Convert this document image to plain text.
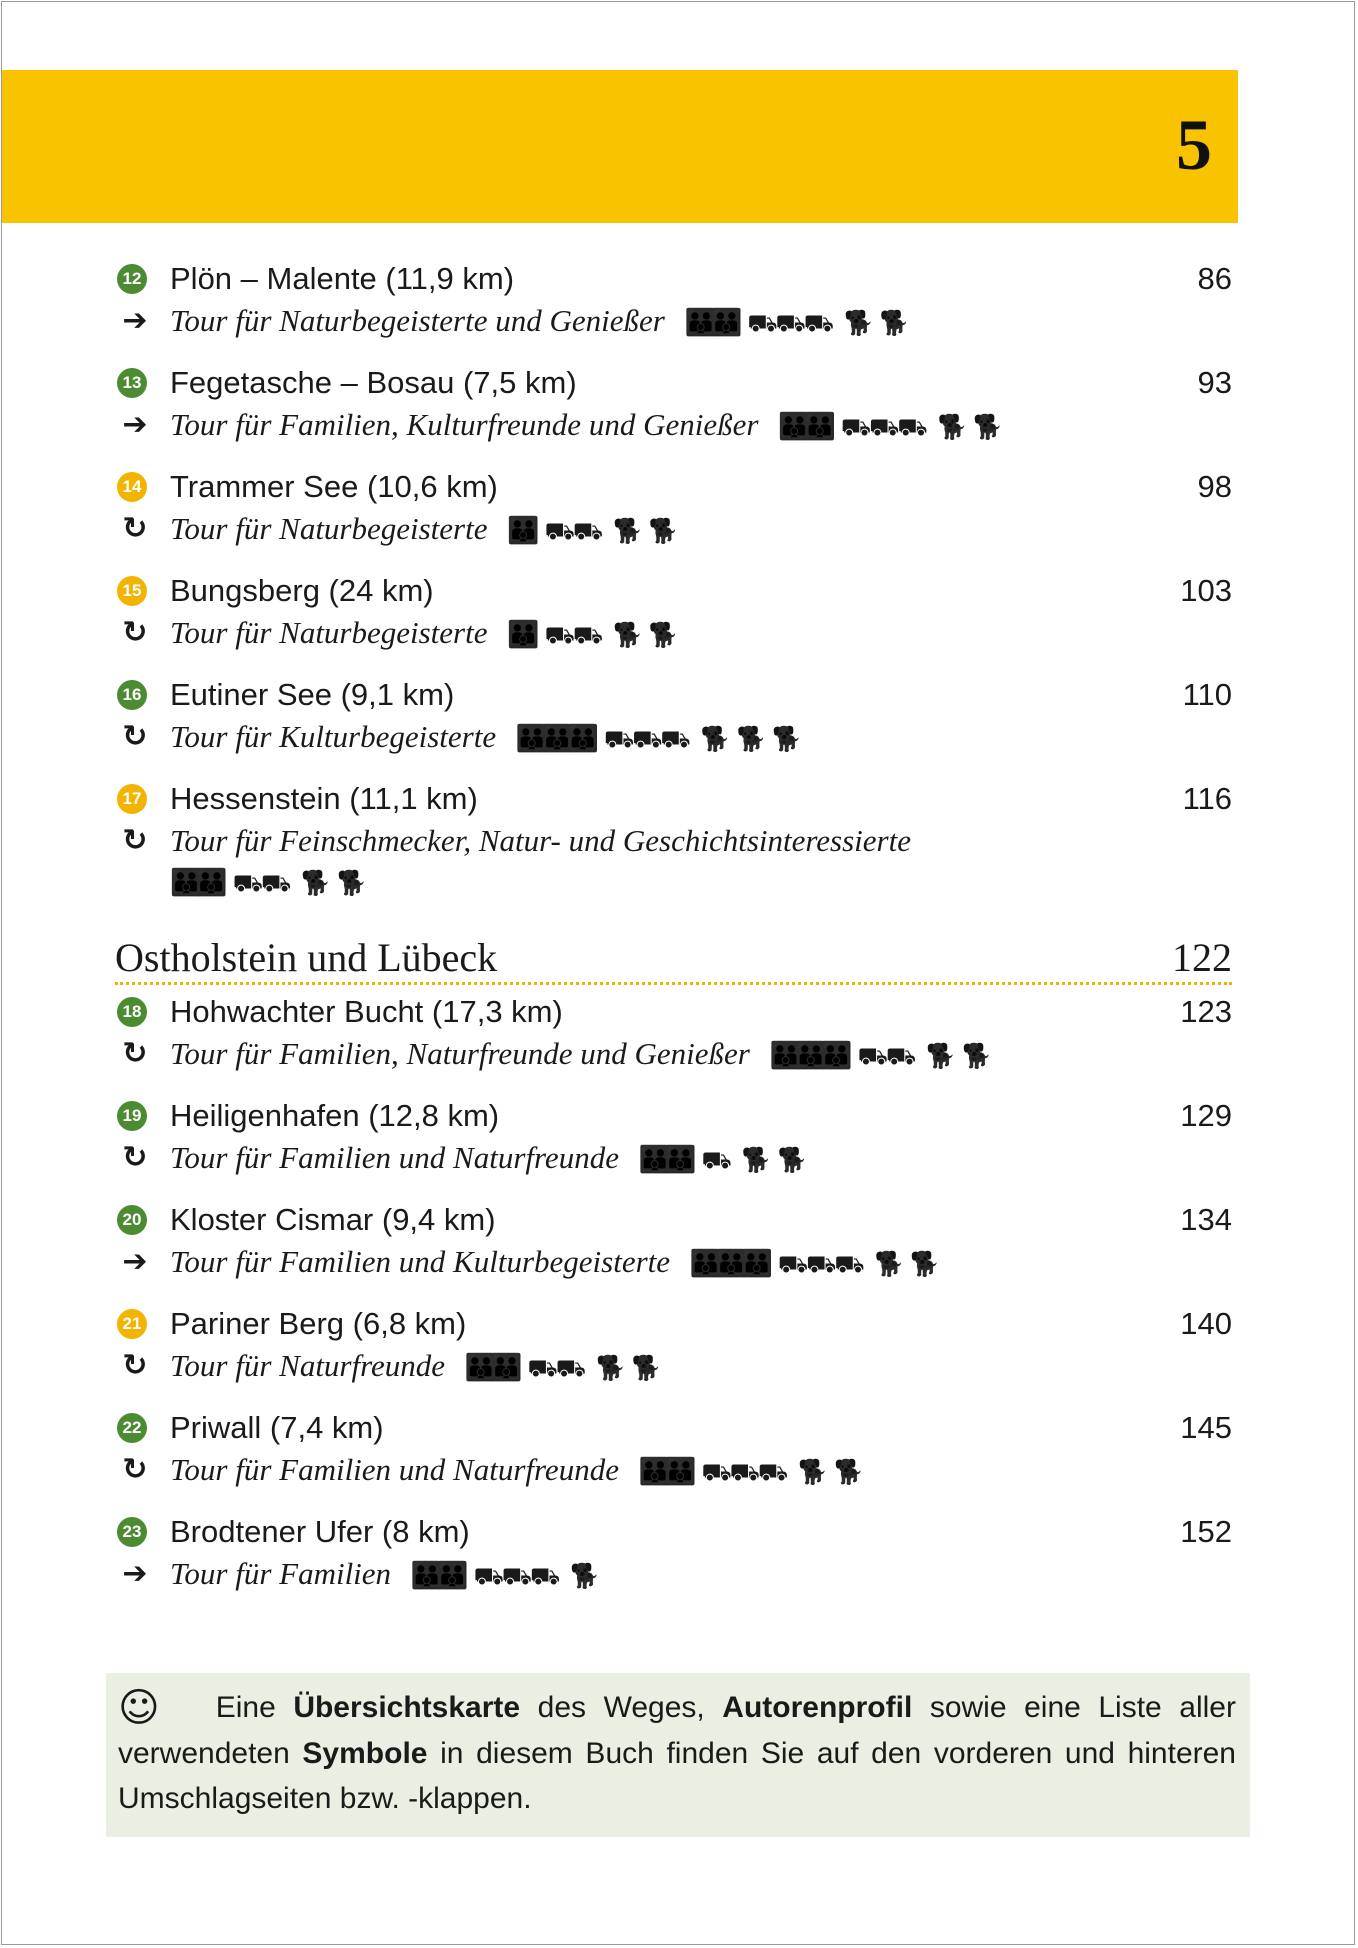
5
12 Plön – Malente (11,9 km)	86
➔ Tour für Naturbegeisterte und Genießer 👪👪 ⛟⛟⛟ 🐕 🐕
13 Fegetasche – Bosau (7,5 km)	93
➔ Tour für Familien, Kulturfreunde und Genießer 👪👪 ⛟⛟⛟ 🐕 🐕
14 Trammer See (10,6 km)	98
↻ Tour für Naturbegeisterte 👪 ⛟⛟ 🐕 🐕
15 Bungsberg (24 km)	103
↻ Tour für Naturbegeisterte 👪 ⛟⛟ 🐕 🐕
16 Eutiner See (9,1 km)	110
↻ Tour für Kulturbegeisterte 👪👪👪 ⛟⛟⛟ 🐕 🐕 🐕
17 Hessenstein (11,1 km)	116
↻ Tour für Feinschmecker, Natur- und Geschichtsinteressierte
👪👪 ⛟⛟ 🐕 🐕
Ostholstein und Lübeck	122
18 Hohwachter Bucht (17,3 km)	123
↻ Tour für Familien, Naturfreunde und Genießer 👪👪👪 ⛟⛟ 🐕 🐕
19 Heiligenhafen (12,8 km)	129
↻ Tour für Familien und Naturfreunde 👪👪 ⛟ 🐕 🐕
20 Kloster Cismar (9,4 km)	134
➔ Tour für Familien und Kulturbegeisterte 👪👪👪 ⛟⛟⛟ 🐕 🐕
21 Pariner Berg (6,8 km)	140
↻ Tour für Naturfreunde 👪👪 ⛟⛟ 🐕 🐕
22 Priwall (7,4 km)	145
↻ Tour für Familien und Naturfreunde 👪👪 ⛟⛟⛟ 🐕 🐕
23 Brodtener Ufer (8 km)	152
➔ Tour für Familien 👪👪 ⛟⛟⛟ 🐕
☺ Eine Übersichtskarte des Weges, Autorenprofil sowie eine Liste aller verwendeten Symbole in diesem Buch finden Sie auf den vorderen und hinteren Umschlagseiten bzw. -klappen.
